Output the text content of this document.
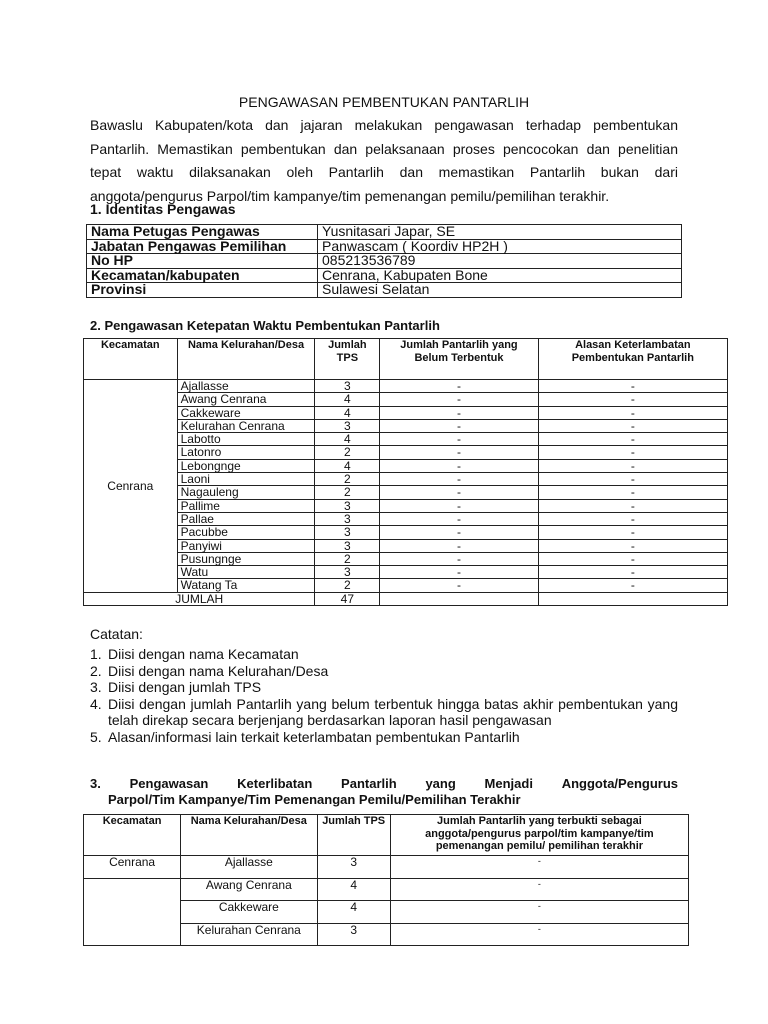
PENGAWASAN PEMBENTUKAN PANTARLIH
Bawaslu Kabupaten/kota dan jajaran melakukan pengawasan terhadap pembentukan Pantarlih. Memastikan pembentukan dan pelaksanaan proses pencocokan dan penelitian tepat waktu dilaksanakan oleh Pantarlih dan memastikan Pantarlih bukan dari anggota/pengurus Parpol/tim kampanye/tim pemenangan pemilu/pemilihan terakhir.
1. Identitas Pengawas
Nama Petugas Pengawas	Yusnitasari Japar, SE
Jabatan Pengawas Pemilihan	Panwascam ( Koordiv HP2H )
No HP	085213536789
Kecamatan/kabupaten	Cenrana, Kabupaten Bone
Provinsi	Sulawesi Selatan
2. Pengawasan Ketepatan Waktu Pembentukan Pantarlih
Kecamatan	Nama Kelurahan/Desa	Jumlah TPS	Jumlah Pantarlih yang Belum Terbentuk	Alasan Keterlambatan Pembentukan Pantarlih
Cenrana	Ajallasse	3	-	-
	Awang Cenrana	4	-	-
	Cakkeware	4	-	-
	Kelurahan Cenrana	3	-	-
	Labotto	4	-	-
	Latonro	2	-	-
	Lebongnge	4	-	-
	Laoni	2	-	-
	Nagauleng	2	-	-
	Pallime	3	-	-
	Pallae	3	-	-
	Pacubbe	3	-	-
	Panyiwi	3	-	-
	Pusungnge	2	-	-
	Watu	3	-	-
	Watang Ta	2	-	-
JUMLAH		47		
Catatan:
1. Diisi dengan nama Kecamatan
2. Diisi dengan nama Kelurahan/Desa
3. Diisi dengan jumlah TPS
4. Diisi dengan jumlah Pantarlih yang belum terbentuk hingga batas akhir pembentukan yang telah direkap secara berjenjang berdasarkan laporan hasil pengawasan
5. Alasan/informasi lain terkait keterlambatan pembentukan Pantarlih
3. Pengawasan Keterlibatan Pantarlih yang Menjadi Anggota/Pengurus
Parpol/Tim Kampanye/Tim Pemenangan Pemilu/Pemilihan Terakhir
Kecamatan	Nama Kelurahan/Desa	Jumlah TPS	Jumlah Pantarlih yang terbukti sebagai anggota/pengurus parpol/tim kampanye/tim pemenangan pemilu/ pemilihan terakhir
Cenrana	Ajallasse	3	-
	Awang Cenrana	4	-
	Cakkeware	4	-
	Kelurahan Cenrana	3	-
